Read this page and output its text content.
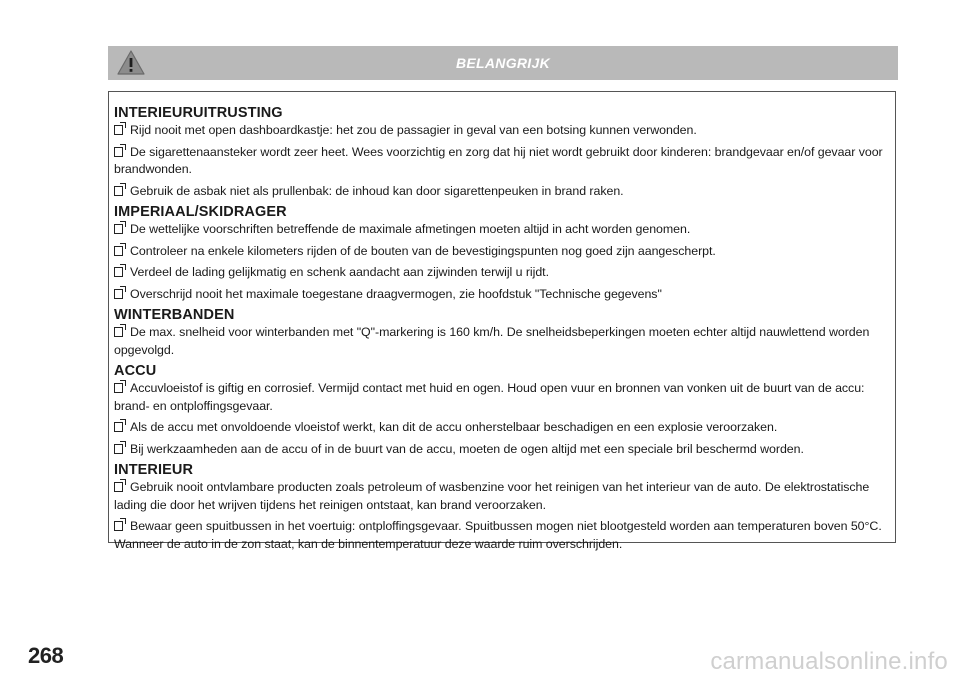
BELANGRIJK

INTERIEURUITRUSTING

Rijd nooit met open dashboardkastje: het zou de passagier in geval van een botsing kunnen verwonden.

De sigarettenaansteker wordt zeer heet. Wees voorzichtig en zorg dat hij niet wordt gebruikt door kinderen: brandgevaar en/of gevaar voor brandwonden.

Gebruik de asbak niet als prullenbak: de inhoud kan door sigarettenpeuken in brand raken.

IMPERIAAL/SKIDRAGER

De wettelijke voorschriften betreffende de maximale afmetingen moeten altijd in acht worden genomen.

Controleer na enkele kilometers rijden of de bouten van de bevestigingspunten nog goed zijn aangescherpt.

Verdeel de lading gelijkmatig en schenk aandacht aan zijwinden terwijl u rijdt.

Overschrijd nooit het maximale toegestane draagvermogen, zie hoofdstuk "Technische gegevens"

WINTERBANDEN

De max. snelheid voor winterbanden met "Q"-markering is 160 km/h. De snelheidsbeperkingen moeten echter altijd nauwlettend worden opgevolgd.

ACCU

Accuvloeistof is giftig en corrosief. Vermijd contact met huid en ogen. Houd open vuur en bronnen van vonken uit de buurt van de accu: brand- en ontploffingsgevaar.

Als de accu met onvoldoende vloeistof werkt, kan dit de accu onherstelbaar beschadigen en een explosie veroorzaken.

Bij werkzaamheden aan de accu of in de buurt van de accu, moeten de ogen altijd met een speciale bril beschermd worden.

INTERIEUR

Gebruik nooit ontvlambare producten zoals petroleum of wasbenzine voor het reinigen van het interieur van de auto. De elektrostatische lading die door het wrijven tijdens het reinigen ontstaat, kan brand veroorzaken.

Bewaar geen spuitbussen in het voertuig: ontploffingsgevaar. Spuitbussen mogen niet blootgesteld worden aan temperaturen boven 50°C. Wanneer de auto in de zon staat, kan de binnentemperatuur deze waarde ruim overschrijden.

268	carmanualsonline.info
